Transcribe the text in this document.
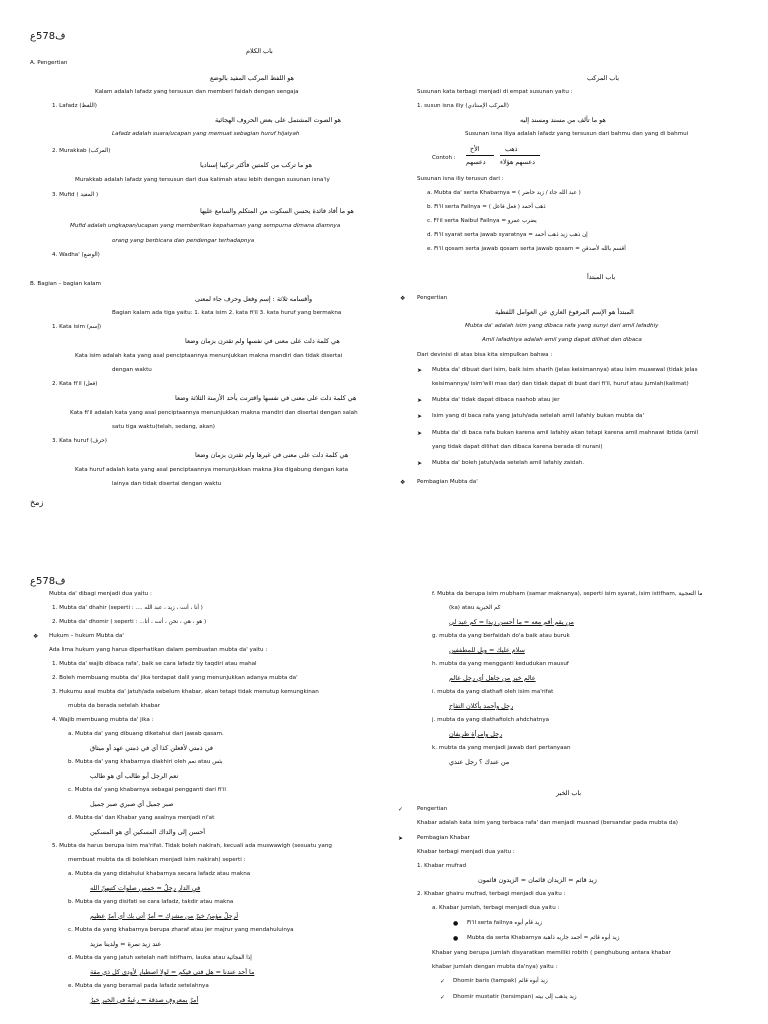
ف578ع
باب الكلام
A. Pengertian
هو اللفظ المركب المفيد بالوضع
Kalam adalah lafadz yang tersusun dan memberi faidah dengan sengaja
1. Lafadz (اللفظ)
هو الصوت المشتمل على بعض الحروف الهجائية
Lafadz adalah suara/ucapan yang memuat sebagian huruf hijaiyah
2. Murakkab (المركب)
هو ما تركب من كلمتين فأكثر تركيبا إسناديا
Murakkab adalah lafadz yang tersusun dari dua kalimah atau lebih dengan susunan isna'iy
3. Mufid ( المفيد )
هو ما أفاد فائدة يحسن السكوت من المتكلم والسامع عليها
Mufid adalah ungkapan/ucapan yang memberikan kepahaman yang sempurna dimana diamnya
orang yang berbicara dan pendengar terhadapnya
4. Wadha' (الوضع)
B. Bagian – bagian kalam
وأقسامه ثلاثة : إسم وفعل وحرف جاء لمعنى
Bagian kalam ada tiga yaitu: 1. kata isim 2. kata fi'il 3. kata huruf yang bermakna
1. Kata isim (إسم)
هي كلمة دلت على معنى في نفسها ولم تقترن بزمان وضعا
Kata isim adalah kata yang asal penciptaannya menunjukkan makna mandiri dan tidak disertai
dengan waktu
2. Kata fi'il (فعل)
هي كلمة دلت على معنى في نفسها واقترنت بأحد الأزمنة الثلاثة وضعا
Kata fi'il adalah kata yang asal penciptaannya menunjukkan makna mandiri dan disertai dengan salah
satu tiga waktu(telah, sedang, akan)
3. Kata huruf (حرف)
هي كلمة دلت على معنى في غيرها ولم تقترن بزمان وضعا
Kata huruf adalah kata yang asal penciptaannya menunjukkan makna jika digabung dengan kata
lainya dan tidak disertai dengan waktu
باب المركب
Susunan kata terbagi menjadi di empat susunan yaitu :
1. susun isna iliy (المركب الإسنادي)
هو ما تألف من مسند ومسند إليه
Susunan isna iliya adalah lafadz yang tersusun dari bahmu dan yang di bahmui
Contoh :
Susunan isna iliy terusun dari :
a. Mubta da' serta Khabarnya = ( عبد الله جاء / زيد حاضر )
b. Fi'il serta Failnya = ( فعل فاعل ) ذهب أحمد
c. Fi'il serta Naibul Failnya = يضرب عمرو
d. Fi'il syarat serta jawab syaratnya = إن ذهب زيد ذهب أحمد
e. Fi'il qosam serta jawab qosam serta jawab qosam = أقسم بالله لأصدقن
باب المبتدأ
❖ Pengertian
المبتدأ هو الإسم المرفوع العاري عن العوامل اللفظية
Mubta da' adalah isim yang dibaca rafa yang sunyi dari amil lafadhiy
Amil lafadhiya adalah amil yang dapat dilihat dan dibaca
Dari devinisi di atas bisa kita simpulkan bahwa :
➤ Mubta da' dibuat dari isim, baik isim sharih (jelas keisimannya) atau isim muawwal (tidak jelas
keisimannya/ isim'wili mas dar) dan tidak dapat di buat dari fi'il, huruf atau jumlah(kalimat)
➤ Mubta da' tidak dapat dibaca nashob atau jer
➤ Isim yang di baca rafa yang jatuh/ada setelah amil lafahiy bukan mubta da'
➤ Mubta da' di baca rafa bukan karena amil lafahiy akan tetapi karena amil mahnawi ibtida (amil
yang tidak dapat dilihat dan dibaca karena berada di nurani)
➤ Mubta da' boleh jatuh/ada setelah amil lafahiy zaidah.
❖ Pembagian Mubta da'
الأخ
دعسهم
ذهب
دعسهم هؤلاء
زمخ
ف578ع
Mubta da' dibagi menjadi dua yaitu :
1. Mubta da' dhahir (seperti : .... أنا ، أنت ، زيد ، عبد الله )
2. Mubta da' dhomir ( seperti : ...هو ، هي ، نحن ، أنت ، أنا )
❖ Hukum – hukum Mubta da'
Ada lima hukum yang harus diperhatikan dalam pembuatan mubta da' yaitu :
1. Mubta da' wajib dibaca rafa', baik se cara lafadz tiy taqdiri atau mahal
2. Boleh membuang mubta da' jika terdapat dalil yang menunjukkan adanya mubta da'
3. Hukumu asal mubta da' jatuh/ada sebelum khabar, akan tetapi tidak menutup kemungkinan
mubta da berada setelah khabar
4. Wajib membuang mubta da' jika :
a. Mubta da' yang dibuang diketahui dari jawab qasam.
في ذمتي لأفعلن كذا أي في ذمتي عهد أو ميثاق
b. Mubta da' yang khabarnya diakhiri oleh نعم atau بئس
نعم الرجل أبو طالب أي هو طالب
c. Mubta da' yang khabarnya sebagai pengganti dari fi'il
صبر جميل أي صبري صبر جميل
d. Mubta da' dan Khabar yang asalnya menjadi ni'at
أحسن إلى والداك المسكين أي هو المسكين
5. Mubta da harus berupa isim ma'rifat. Tidak boleh nakirah, kecuali ada muswawigh (sesuatu yang
membuat mubta da di bolehkan menjadi isim nakirah) seperti :
a. Mubta da yang didahului khabarnya secara lafadz atau makna
فيِ الدارِ رجلٌ = خمس صلوات كتبهنّ الله
b. Mubta da yang disifati se cara lafadz, takdir atau makna
لَرجلٌ مؤمنٌ خيرٌ من مشرك = أمرٌ أتى بك أي أمرٌ عظيم
c. Mubta da yang khabarnya berupa zharaf atau jer majrur yang mendahuluinya
عند زيد نمرة = ولدينا مزيد
d. Mubta da yang jatuh setelah nafi istifham, lauka atau إذا الفجائية
ما أحد عندنا = هل فتى فيكم = لولا اصطبار لأودى كل ذي مقة
e. Mubta da yang beramal pada lafadz setelahnya
أمرٌ بمعروفٍ صدقة = رغبةٌ في الخير خيرٌ
f. Mubta da berupa isim mubham (samar maknanya), seperti isim syarat, isim istifham, ما التعجبية
(ka) atau كم الخبرية
من يقم أقم معه = ما أحسن زيدا = كم عبد لي
g. mubta da yang berfaidah do'a baik atau buruk
سلام عليك = ويل للمطففين
h. mubta da yang mengganti kedudukan mausuf
عالم خير من جاهل أي رجل عالم
i. mubta da yang diathafi oleh isim ma'rifat
رجل وأحمد يأكلان التفاح
j. mubta da yang diathafiolch ahdchatnya
رجل وامرأة ظريفان
k. mubta da yang menjadi jawab dari pertanyaan
من عندك ؟ رجل عندي
باب الخبر
✓ Pengertian
Khabar adalah kata isim yang terbaca rafa' dan menjadi musnad (bersandar pada mubta da)
➤ Pembagian Khabar
Khabar terbagi menjadi dua yaitu :
1. Khabar mufrad
زيد قائم = الزيدان قائمان = الزيدون قائمون
2. Khabar ghairu mufrad, terbagi menjadi dua yaitu :
a. Khabar jumlah, terbagi menjadi dua yaitu :
● Fi'il serta failnya زيد قام أبوه
● Mubta da serta Khabarnya زيد أبوه قائم = أحمد جاريه ذاهبة
Khabar yang berupa jumlah disyaratkan memiliki robith ( penghubung antara khabar
khabar jumlah dengan mubta da'nya) yaitu :
✓ Dhomir baris (tampak) زيد أبوه قائم
✓ Dhomir mustatir (tersimpan) زيد يذهب إلى بيته
